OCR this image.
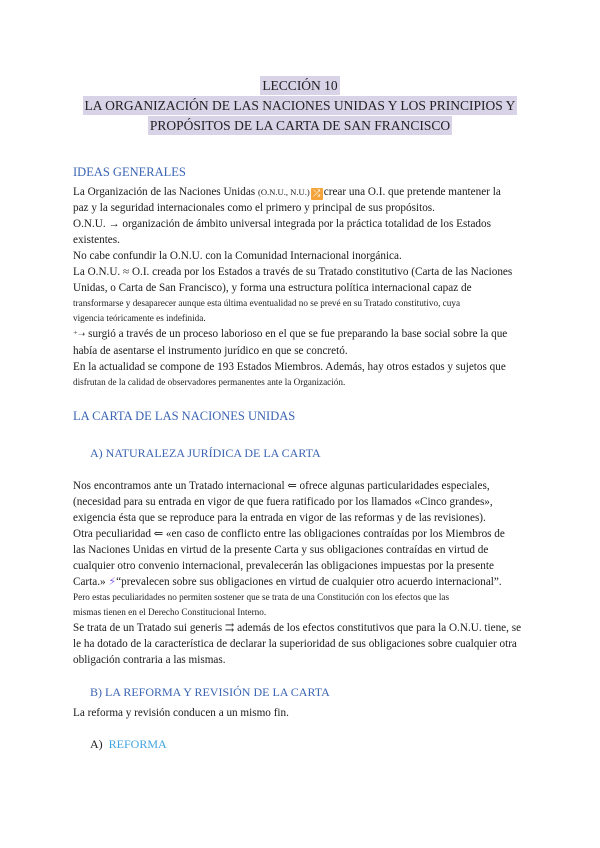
LECCIÓN 10
LA ORGANIZACIÓN DE LAS NACIONES UNIDAS Y LOS PRINCIPIOS Y
PROPÓSITOS DE LA CARTA DE SAN FRANCISCO

IDEAS GENERALES

La Organización de las Naciones Unidas (O.N.U., N.U.) ⤮ crear una O.I. que pretende mantener la

paz y la seguridad internacionales como el primero y principal de sus propósitos.

O.N.U. → organización de ámbito universal integrada por la práctica totalidad de los Estados

existentes.

No cabe confundir la O.N.U. con la Comunidad Internacional inorgánica.

La O.N.U. ≈ O.I. creada por los Estados a través de su Tratado constitutivo (Carta de las Naciones

Unidas, o Carta de San Francisco), y forma una estructura política internacional capaz de

transformarse y desaparecer aunque esta última eventualidad no se prevé en su Tratado constitutivo, cuya

vigencia teóricamente es indefinida.

⁺➝ surgió a través de un proceso laborioso en el que se fue preparando la base social sobre la que

había de asentarse el instrumento jurídico en que se concretó.

En la actualidad se compone de 193 Estados Miembros. Además, hay otros estados y sujetos que

disfrutan de la calidad de observadores permanentes ante la Organización.

LA CARTA DE LAS NACIONES UNIDAS

A) NATURALEZA JURÍDICA DE LA CARTA

Nos encontramos ante un Tratado internacional ⇐ ofrece algunas particularidades especiales,

(necesidad para su entrada en vigor de que fuera ratificado por los llamados «Cinco grandes»,

exigencia ésta que se reproduce para la entrada en vigor de las reformas y de las revisiones).

Otra peculiaridad ⇐ «en caso de conflicto entre las obligaciones contraídas por los Miembros de

las Naciones Unidas en virtud de la presente Carta y sus obligaciones contraídas en virtud de

cualquier otro convenio internacional, prevalecerán las obligaciones impuestas por la presente

Carta.» ⚡“prevalecen sobre sus obligaciones en virtud de cualquier otro acuerdo internacional”.

Pero estas peculiaridades no permiten sostener que se trata de una Constitución con los efectos que las

mismas tienen en el Derecho Constitucional Interno.

Se trata de un Tratado sui generis ⇉ además de los efectos constitutivos que para la O.N.U. tiene, se

le ha dotado de la característica de declarar la superioridad de sus obligaciones sobre cualquier otra

obligación contraria a las mismas.

B) LA REFORMA Y REVISIÓN DE LA CARTA

La reforma y revisión conducen a un mismo fin.

A) REFORMA
